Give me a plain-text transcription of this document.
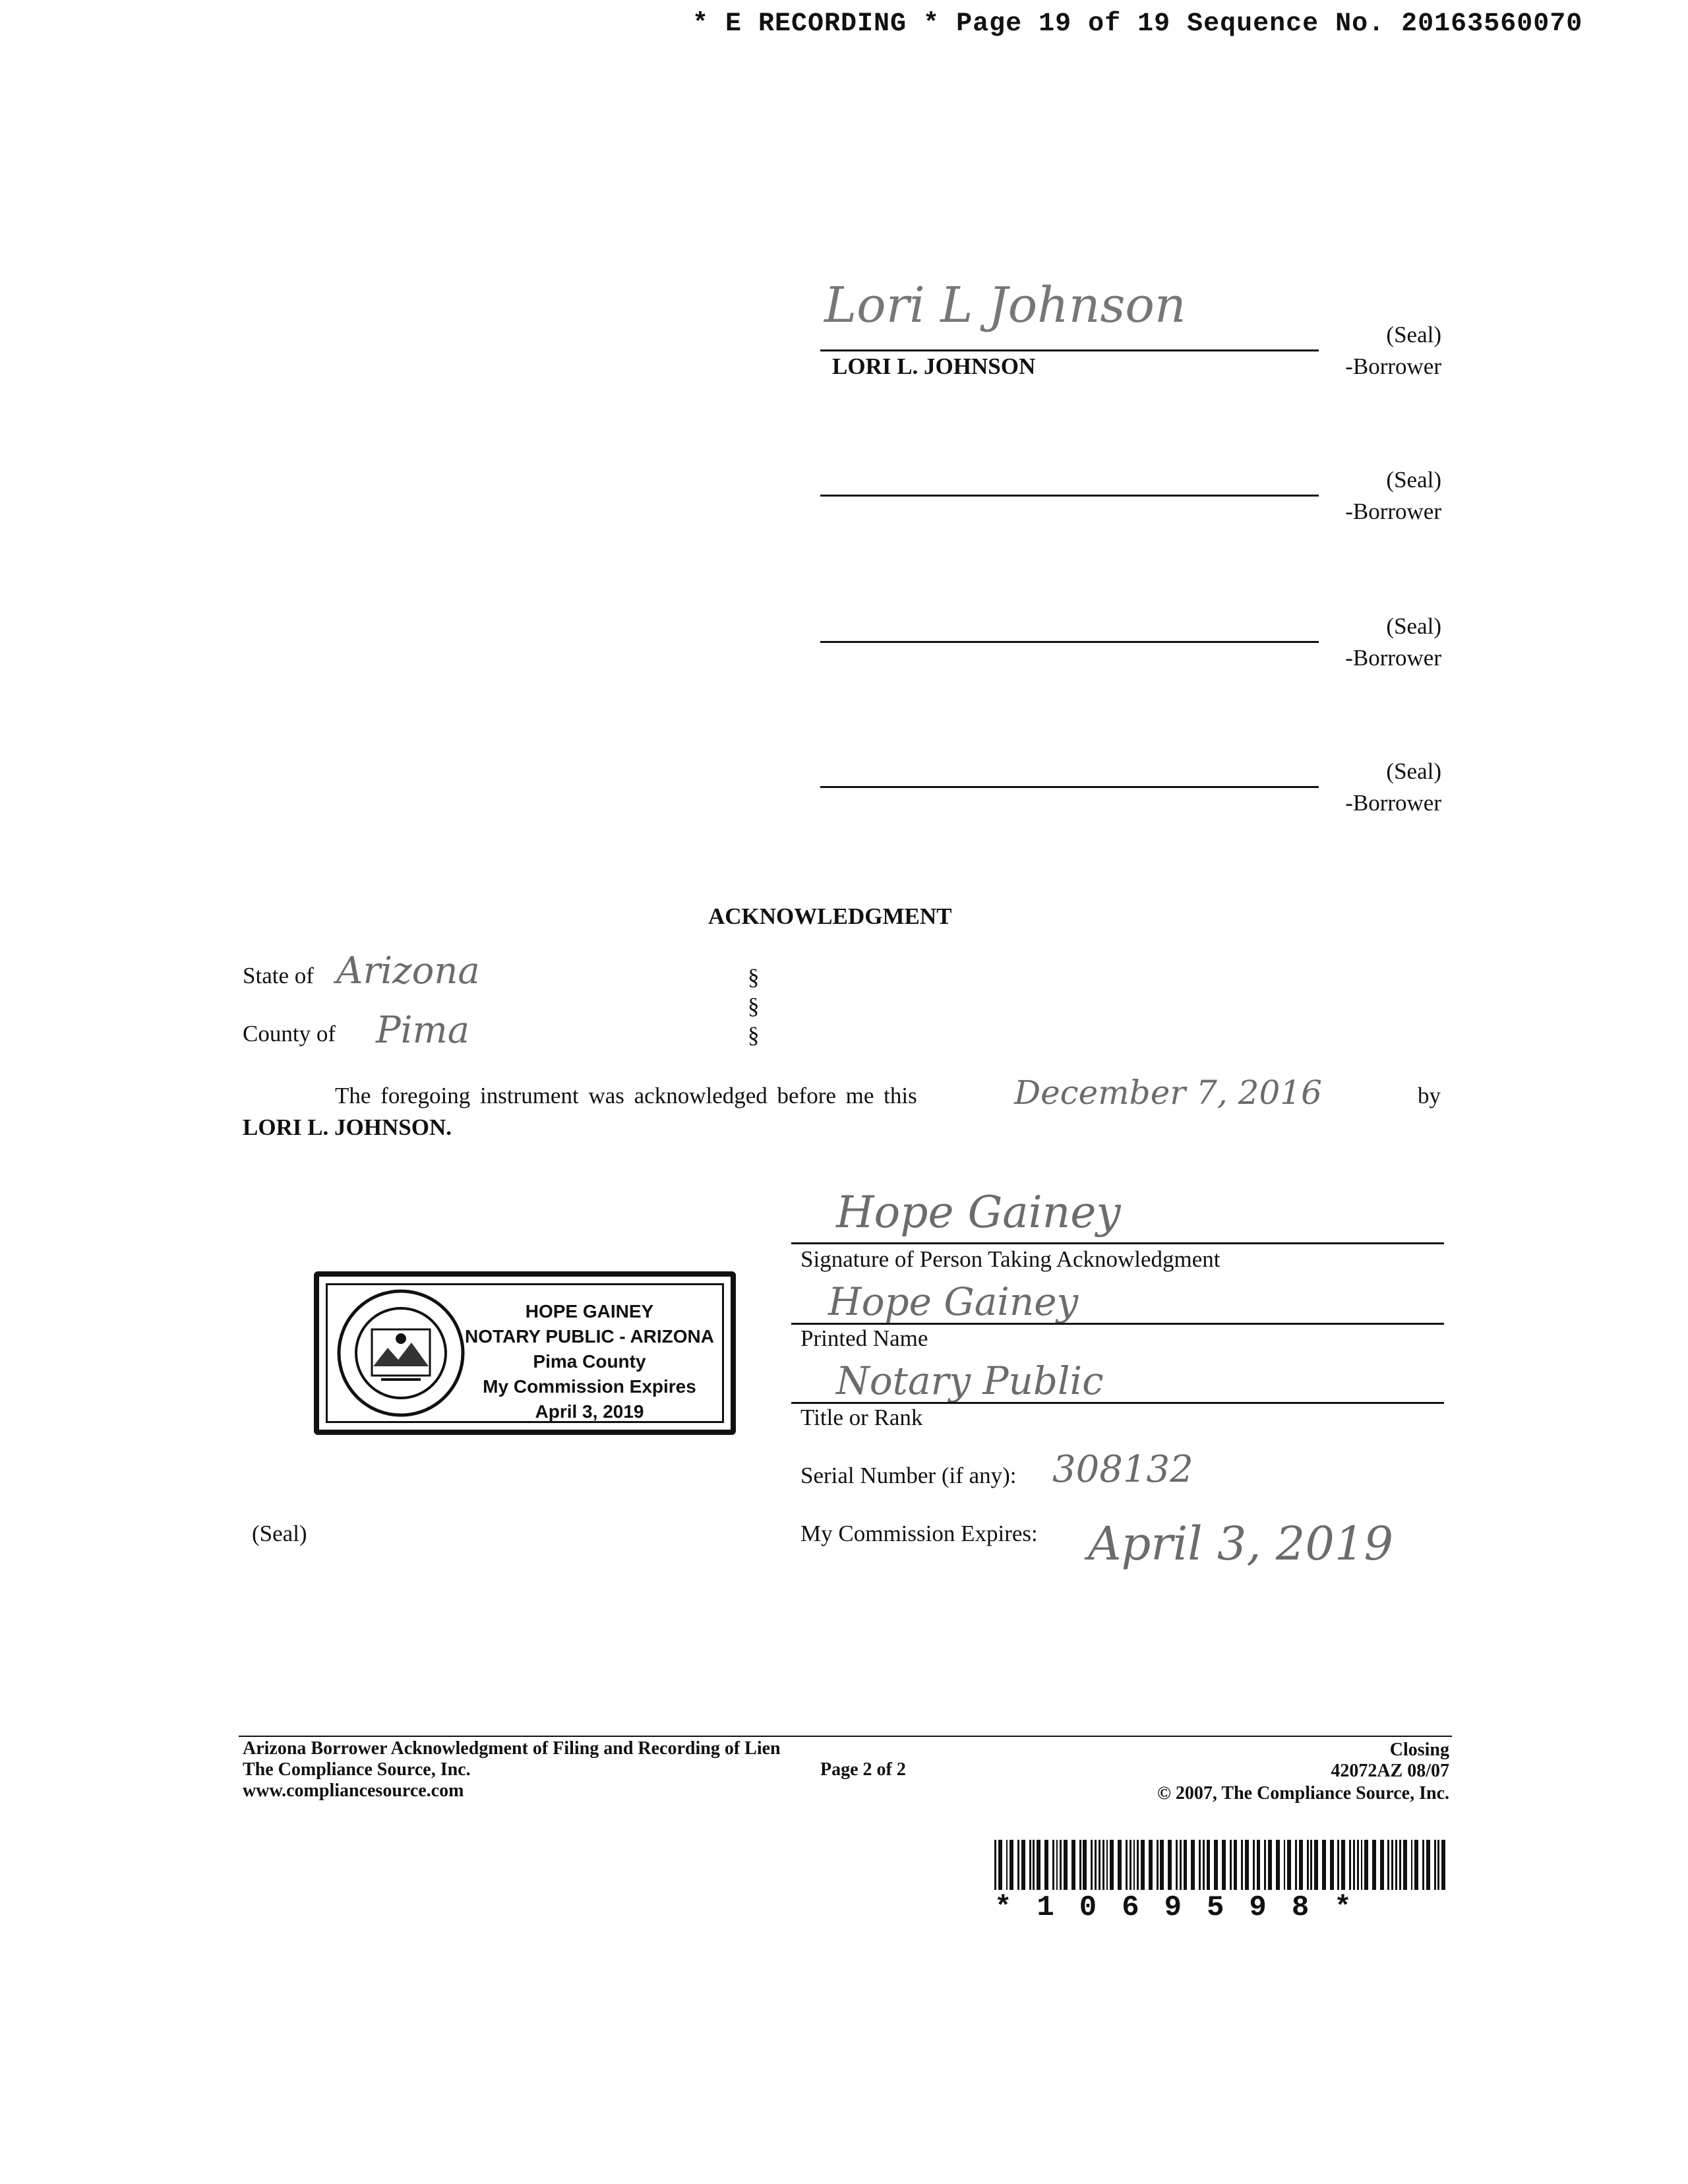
* E RECORDING * Page 19 of 19 Sequence No. 20163560070
Lori L Johnson
LORI L. JOHNSON
(Seal)
-Borrower
(Seal)
-Borrower
(Seal)
-Borrower
(Seal)
-Borrower
ACKNOWLEDGMENT
State of Arizona	§
§
§
County of Pima
The foregoing instrument was acknowledged before me this	December 7, 2016	by
LORI L. JOHNSON.
Hope Gainey
Signature of Person Taking Acknowledgment
Hope Gainey
Printed Name
Notary Public
Title or Rank
Serial Number (if any): 308132
(Seal)	My Commission Expires: April 3, 2019
HOPE GAINEY
NOTARY PUBLIC - ARIZONA
Pima County
My Commission Expires
April 3, 2019
Arizona Borrower Acknowledgment of Filing and Recording of Lien
The Compliance Source, Inc.
www.compliancesource.com
Page 2 of 2
Closing
42072AZ 08/07
© 2007, The Compliance Source, Inc.
*1069598*
